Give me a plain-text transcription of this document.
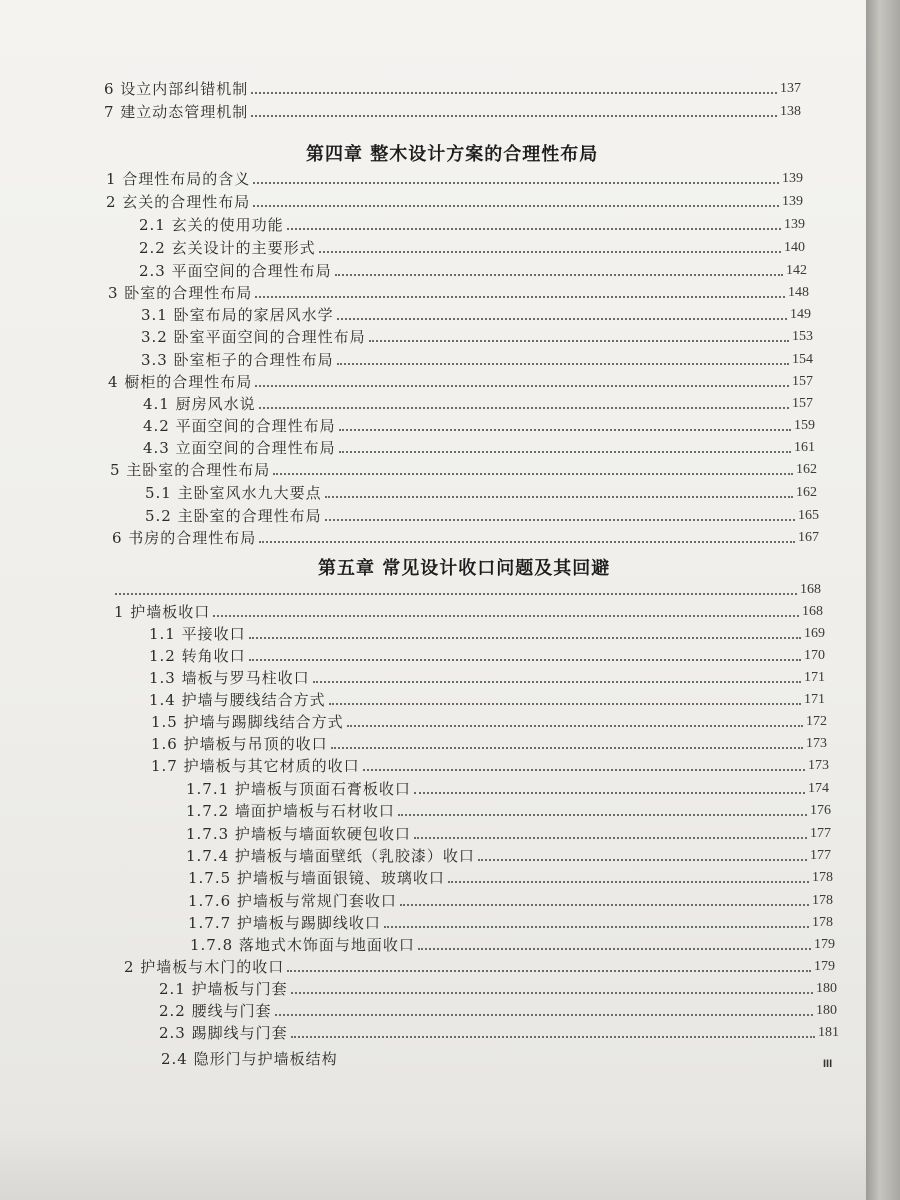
6 设立内部纠错机制	137
7 建立动态管理机制	138
第四章 整木设计方案的合理性布局
1 合理性布局的含义	139
2 玄关的合理性布局	139
2.1 玄关的使用功能	139
2.2 玄关设计的主要形式	140
2.3 平面空间的合理性布局	142
3 卧室的合理性布局	148
3.1 卧室布局的家居风水学	149
3.2 卧室平面空间的合理性布局	153
3.3 卧室柜子的合理性布局	154
4 橱柜的合理性布局	157
4.1 厨房风水说	157
4.2 平面空间的合理性布局	159
4.3 立面空间的合理性布局	161
5 主卧室的合理性布局	162
5.1 主卧室风水九大要点	162
5.2 主卧室的合理性布局	165
6 书房的合理性布局	167
第五章 常见设计收口问题及其回避
168
1 护墙板收口	168
1.1 平接收口	169
1.2 转角收口	170
1.3 墙板与罗马柱收口	171
1.4 护墙与腰线结合方式	171
1.5 护墙与踢脚线结合方式	172
1.6 护墙板与吊顶的收口	173
1.7 护墙板与其它材质的收口	173
1.7.1 护墙板与顶面石膏板收口	174
1.7.2 墙面护墙板与石材收口	176
1.7.3 护墙板与墙面软硬包收口	177
1.7.4 护墙板与墙面壁纸（乳胶漆）收口	177
1.7.5 护墙板与墙面银镜、玻璃收口	178
1.7.6 护墙板与常规门套收口	178
1.7.7 护墙板与踢脚线收口	178
1.7.8 落地式木饰面与地面收口	179
2 护墙板与木门的收口	179
2.1 护墙板与门套	180
2.2 腰线与门套	180
2.3 踢脚线与门套	181
2.4 隐形门与护墙板结构	III
